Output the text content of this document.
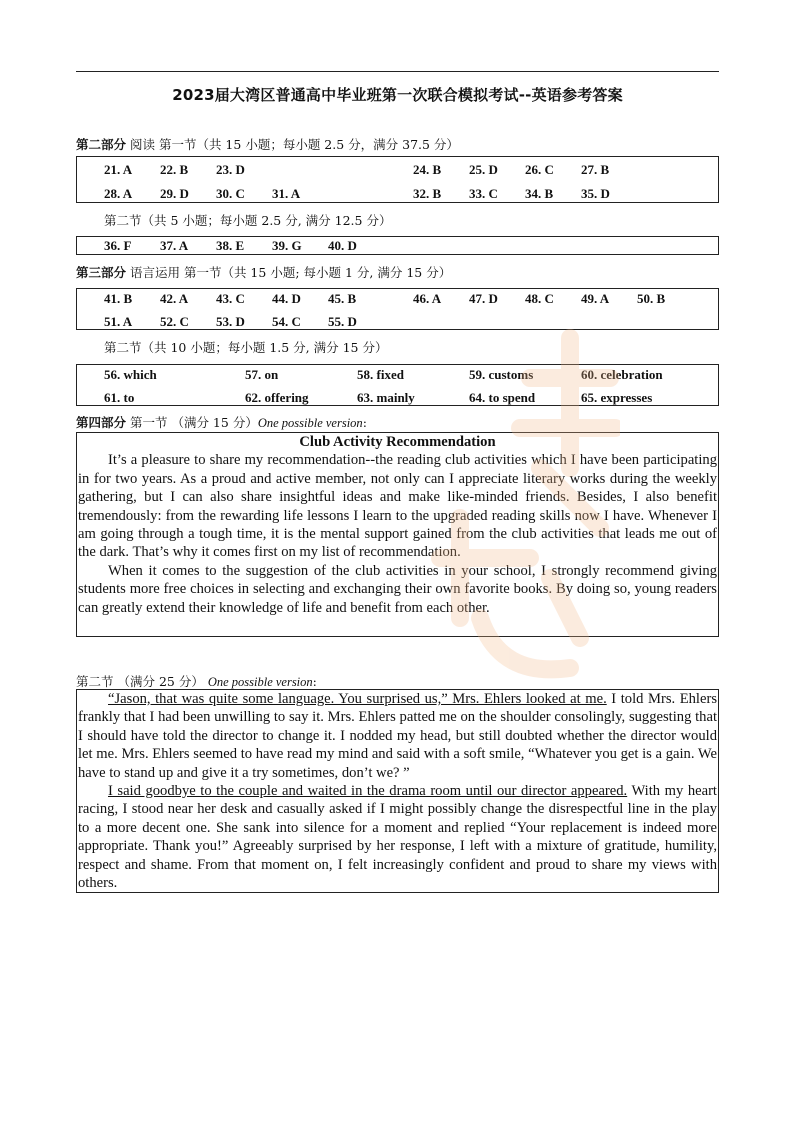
2023届大湾区普通高中毕业班第一次联合模拟考试--英语参考答案
第二部分 阅读 第一节（共 15 小题；每小题 2.5 分，满分 37.5 分）
21. A 22. B 23. D	24. B 25. D 26. C 27. B
28. A 29. D 30. C 31. A	32. B 33. C 34. B 35. D
第二节（共 5 小题；每小题 2.5 分, 满分 12.5 分）
36. F 37. A 38. E 39. G 40. D
第三部分 语言运用 第一节（共 15 小题; 每小题 1 分, 满分 15 分）
41. B 42. A 43. C 44. D 45. B	46. A 47. D 48. C 49. A 50. B
51. A 52. C 53. D 54. C 55. D
第二节（共 10 小题；每小题 1.5 分, 满分 15 分）
56. which	57. on	58. fixed	59. customs	60. celebration
61. to	62. offering	63. mainly	64. to spend	65. expresses
第四部分 第一节 （满分 15 分）One possible version:
Club Activity Recommendation

It’s a pleasure to share my recommendation--the reading club activities which I have been participating in for two years. As a proud and active member, not only can I appreciate literary works during the weekly gathering, but I can also share insightful ideas and make like-minded friends. Besides, I also benefit tremendously: from the rewarding life lessons I learn to the upgraded reading skills now I have. Whenever I am going through a tough time, it is the mental support gained from the club activities that leads me out of the dark. That’s why it comes first on my list of recommendation.

When it comes to the suggestion of the club activities in your school, I strongly recommend giving students more free choices in selecting and exchanging their own favorite books. By doing so, young readers can greatly extend their knowledge of life and benefit from each other.

第二节 （满分 25 分） One possible version:

“Jason, that was quite some language. You surprised us,” Mrs. Ehlers looked at me. I told Mrs. Ehlers frankly that I had been unwilling to say it. Mrs. Ehlers patted me on the shoulder consolingly, suggesting that I should have told the director to change it. I nodded my head, but still doubted whether the director would let me. Mrs. Ehlers seemed to have read my mind and said with a soft smile, “Whatever you get is a gain. We have to stand up and give it a try sometimes, don’t we? ”

I said goodbye to the couple and waited in the drama room until our director appeared. With my heart racing, I stood near her desk and casually asked if I might possibly change the disrespectful line in the play to a more decent one. She sank into silence for a moment and replied “Your replacement is indeed more appropriate. Thank you!” Agreeably surprised by her response, I left with a mixture of gratitude, humility, respect and shame. From that moment on, I felt increasingly confident and proud to share my views with others.
